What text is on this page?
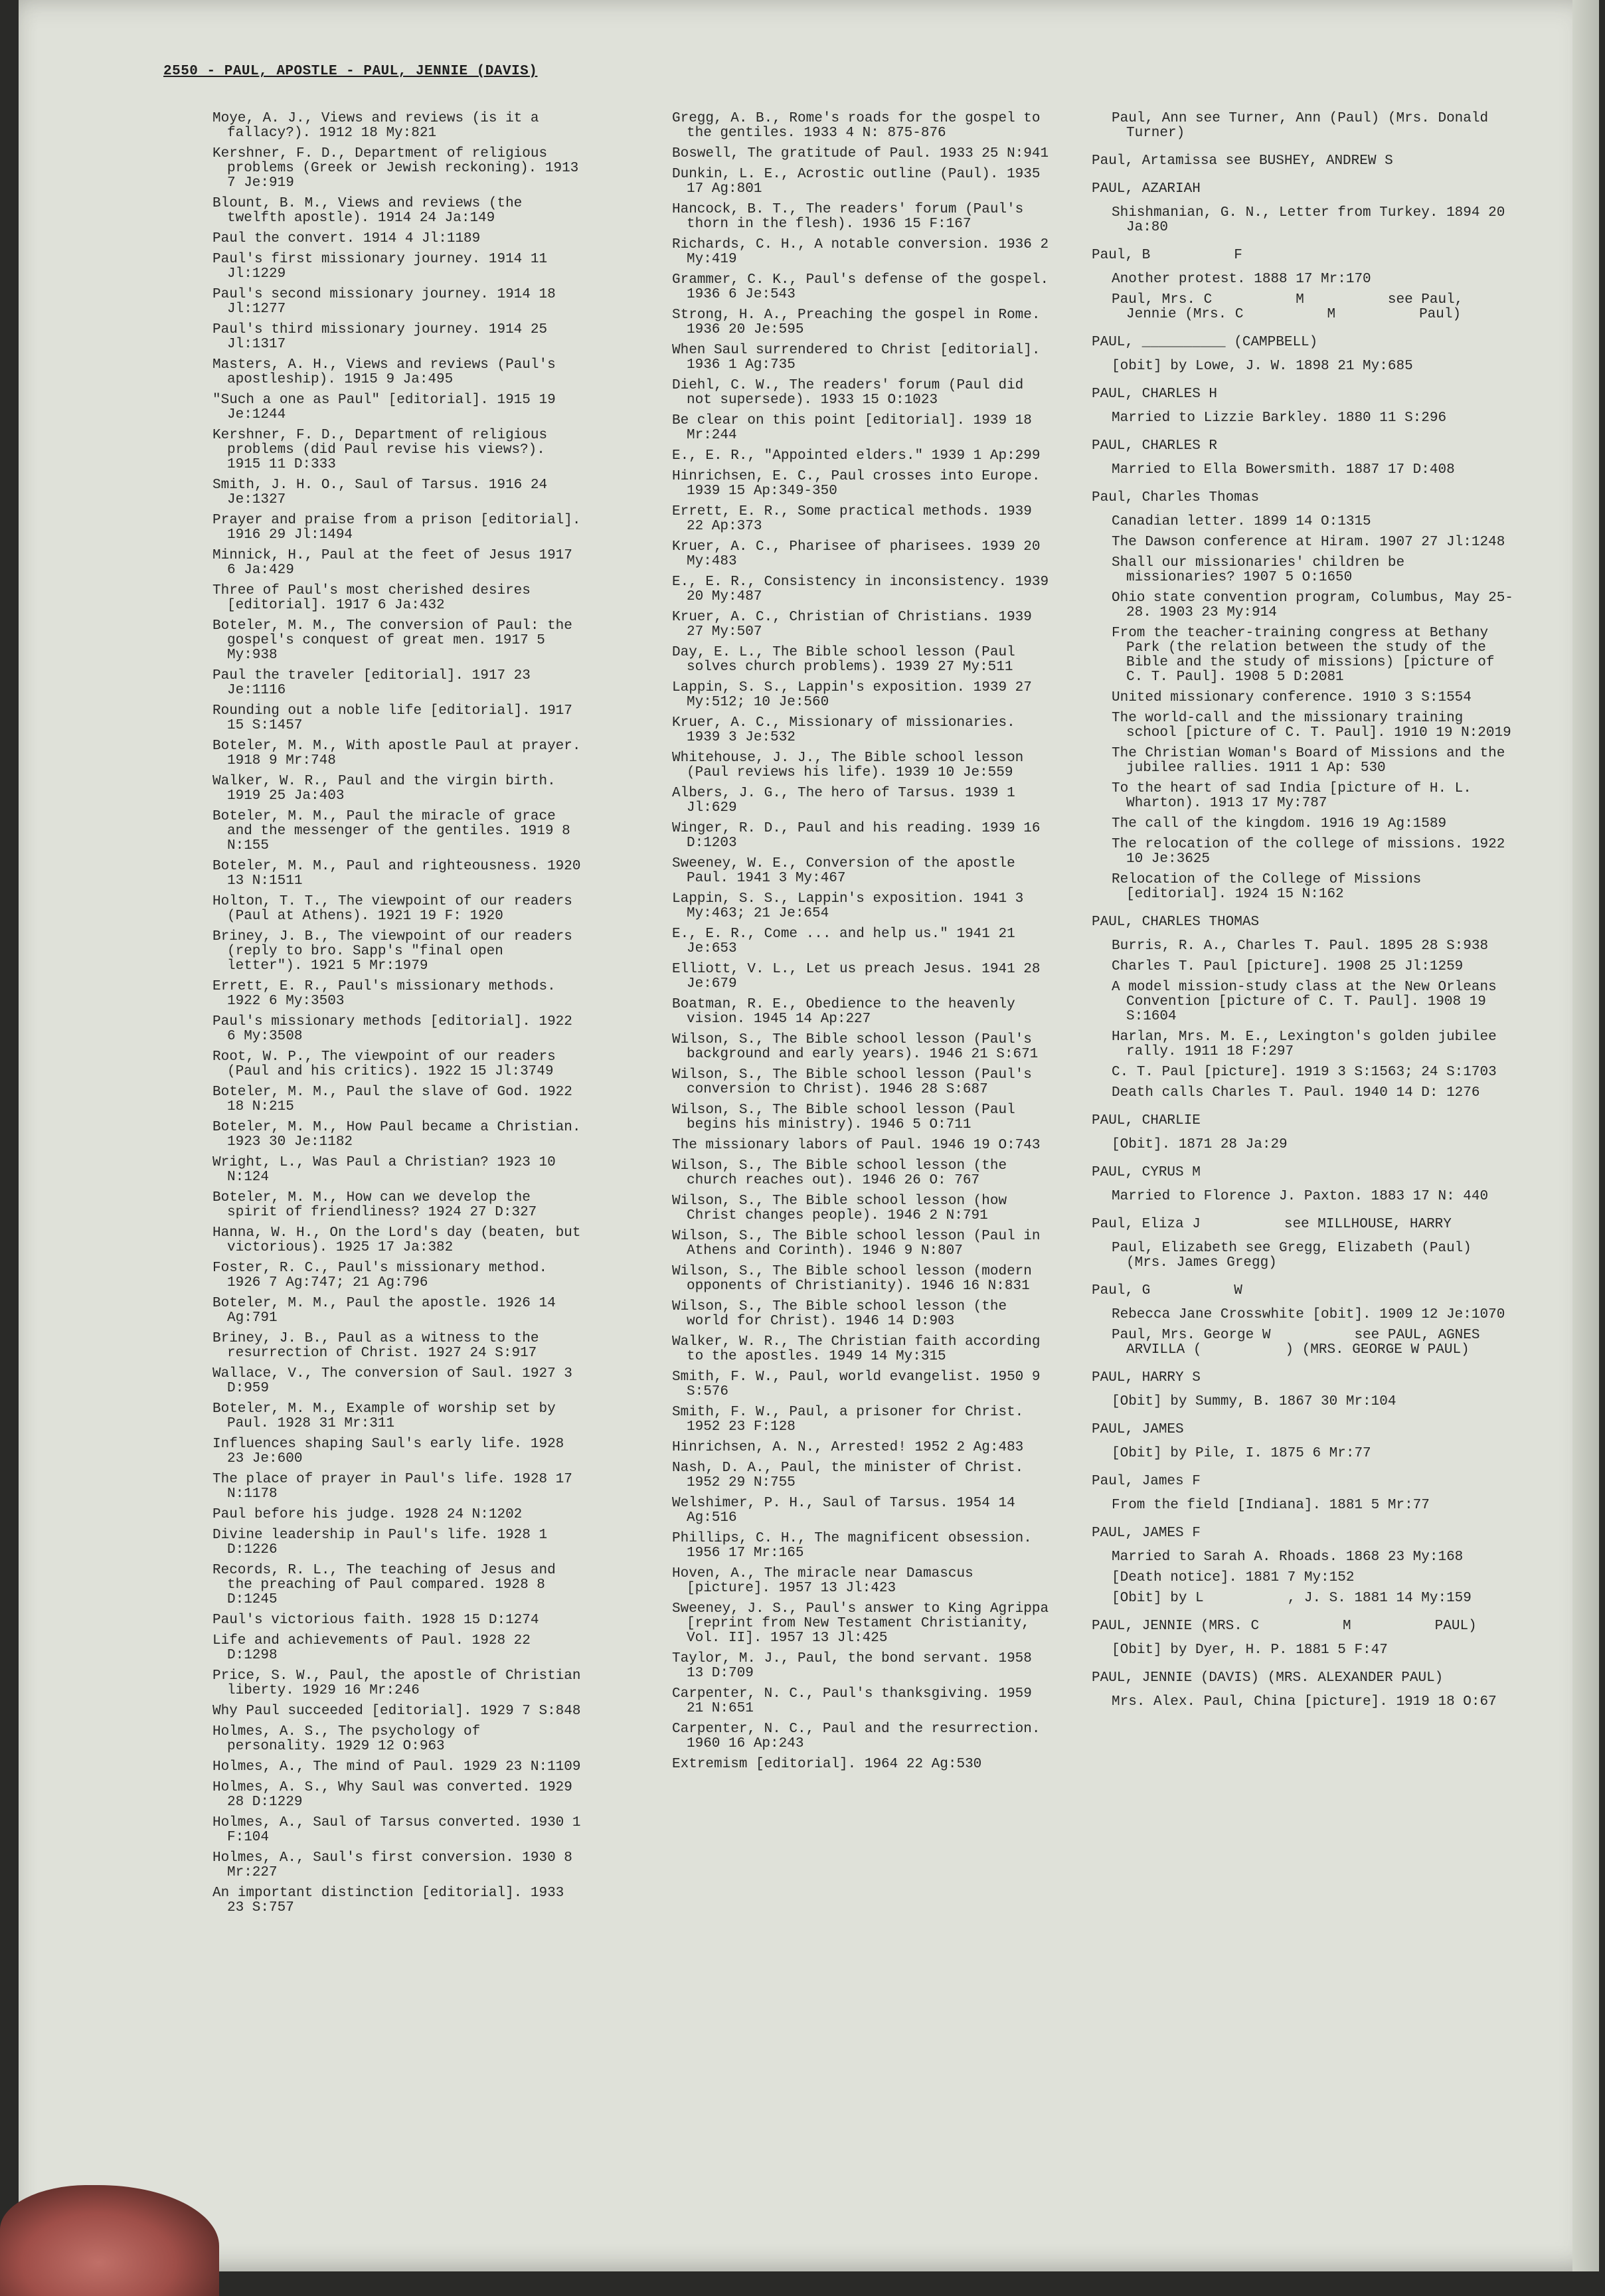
2550 - PAUL, APOSTLE - PAUL, JENNIE (DAVIS)
Moye, A. J., Views and reviews (is it a fallacy?). 1912 18 My:821
Kershner, F. D., Department of religious problems (Greek or Jewish reckoning). 1913 7 Je:919
Blount, B. M., Views and reviews (the twelfth apostle). 1914 24 Ja:149
Paul the convert. 1914 4 Jl:1189
Paul's first missionary journey. 1914 11 Jl:1229
Paul's second missionary journey. 1914 18 Jl:1277
Paul's third missionary journey. 1914 25 Jl:1317
Masters, A. H., Views and reviews (Paul's apostleship). 1915 9 Ja:495
"Such a one as Paul" [editorial]. 1915 19 Je:1244
Kershner, F. D., Department of religious problems (did Paul revise his views?). 1915 11 D:333
Smith, J. H. O., Saul of Tarsus. 1916 24 Je:1327
Prayer and praise from a prison [editorial]. 1916 29 Jl:1494
Minnick, H., Paul at the feet of Jesus 1917 6 Ja:429
Three of Paul's most cherished desires [editorial]. 1917 6 Ja:432
Boteler, M. M., The conversion of Paul: the gospel's conquest of great men. 1917 5 My:938
Paul the traveler [editorial]. 1917 23 Je:1116
Rounding out a noble life [editorial]. 1917 15 S:1457
Boteler, M. M., With apostle Paul at prayer. 1918 9 Mr:748
Walker, W. R., Paul and the virgin birth. 1919 25 Ja:403
Boteler, M. M., Paul the miracle of grace and the messenger of the gentiles. 1919 8 N:155
Boteler, M. M., Paul and righteousness. 1920 13 N:1511
Holton, T. T., The viewpoint of our readers (Paul at Athens). 1921 19 F: 1920
Briney, J. B., The viewpoint of our readers (reply to bro. Sapp's "final open letter"). 1921 5 Mr:1979
Errett, E. R., Paul's missionary methods. 1922 6 My:3503
Paul's missionary methods [editorial]. 1922 6 My:3508
Root, W. P., The viewpoint of our readers (Paul and his critics). 1922 15 Jl:3749
Boteler, M. M., Paul the slave of God. 1922 18 N:215
Boteler, M. M., How Paul became a Christian. 1923 30 Je:1182
Wright, L., Was Paul a Christian? 1923 10 N:124
Boteler, M. M., How can we develop the spirit of friendliness? 1924 27 D:327
Hanna, W. H., On the Lord's day (beaten, but victorious). 1925 17 Ja:382
Foster, R. C., Paul's missionary method. 1926 7 Ag:747; 21 Ag:796
Boteler, M. M., Paul the apostle. 1926 14 Ag:791
Briney, J. B., Paul as a witness to the resurrection of Christ. 1927 24 S:917
Wallace, V., The conversion of Saul. 1927 3 D:959
Boteler, M. M., Example of worship set by Paul. 1928 31 Mr:311
Influences shaping Saul's early life. 1928 23 Je:600
The place of prayer in Paul's life. 1928 17 N:1178
Paul before his judge. 1928 24 N:1202
Divine leadership in Paul's life. 1928 1 D:1226
Records, R. L., The teaching of Jesus and the preaching of Paul compared. 1928 8 D:1245
Paul's victorious faith. 1928 15 D:1274
Life and achievements of Paul. 1928 22 D:1298
Price, S. W., Paul, the apostle of Christian liberty. 1929 16 Mr:246
Why Paul succeeded [editorial]. 1929 7 S:848
Holmes, A. S., The psychology of personality. 1929 12 O:963
Holmes, A., The mind of Paul. 1929 23 N:1109
Holmes, A. S., Why Saul was converted. 1929 28 D:1229
Holmes, A., Saul of Tarsus converted. 1930 1 F:104
Holmes, A., Saul's first conversion. 1930 8 Mr:227
An important distinction [editorial]. 1933 23 S:757
Gregg, A. B., Rome's roads for the gospel to the gentiles. 1933 4 N: 875-876
Boswell, The gratitude of Paul. 1933 25 N:941
Dunkin, L. E., Acrostic outline (Paul). 1935 17 Ag:801
Hancock, B. T., The readers' forum (Paul's thorn in the flesh). 1936 15 F:167
Richards, C. H., A notable conversion. 1936 2 My:419
Grammer, C. K., Paul's defense of the gospel. 1936 6 Je:543
Strong, H. A., Preaching the gospel in Rome. 1936 20 Je:595
When Saul surrendered to Christ [editorial]. 1936 1 Ag:735
Diehl, C. W., The readers' forum (Paul did not supersede). 1933 15 O:1023
Be clear on this point [editorial]. 1939 18 Mr:244
E., E. R., "Appointed elders." 1939 1 Ap:299
Hinrichsen, E. C., Paul crosses into Europe. 1939 15 Ap:349-350
Errett, E. R., Some practical methods. 1939 22 Ap:373
Kruer, A. C., Pharisee of pharisees. 1939 20 My:483
E., E. R., Consistency in inconsistency. 1939 20 My:487
Kruer, A. C., Christian of Christians. 1939 27 My:507
Day, E. L., The Bible school lesson (Paul solves church problems). 1939 27 My:511
Lappin, S. S., Lappin's exposition. 1939 27 My:512; 10 Je:560
Kruer, A. C., Missionary of missionaries. 1939 3 Je:532
Whitehouse, J. J., The Bible school lesson (Paul reviews his life). 1939 10 Je:559
Albers, J. G., The hero of Tarsus. 1939 1 Jl:629
Winger, R. D., Paul and his reading. 1939 16 D:1203
Sweeney, W. E., Conversion of the apostle Paul. 1941 3 My:467
Lappin, S. S., Lappin's exposition. 1941 3 My:463; 21 Je:654
E., E. R., Come ... and help us." 1941 21 Je:653
Elliott, V. L., Let us preach Jesus. 1941 28 Je:679
Boatman, R. E., Obedience to the heavenly vision. 1945 14 Ap:227
Wilson, S., The Bible school lesson (Paul's background and early years). 1946 21 S:671
Wilson, S., The Bible school lesson (Paul's conversion to Christ). 1946 28 S:687
Wilson, S., The Bible school lesson (Paul begins his ministry). 1946 5 O:711
The missionary labors of Paul. 1946 19 O:743
Wilson, S., The Bible school lesson (the church reaches out). 1946 26 O: 767
Wilson, S., The Bible school lesson (how Christ changes people). 1946 2 N:791
Wilson, S., The Bible school lesson (Paul in Athens and Corinth). 1946 9 N:807
Wilson, S., The Bible school lesson (modern opponents of Christianity). 1946 16 N:831
Wilson, S., The Bible school lesson (the world for Christ). 1946 14 D:903
Walker, W. R., The Christian faith according to the apostles. 1949 14 My:315
Smith, F. W., Paul, world evangelist. 1950 9 S:576
Smith, F. W., Paul, a prisoner for Christ. 1952 23 F:128
Hinrichsen, A. N., Arrested! 1952 2 Ag:483
Nash, D. A., Paul, the minister of Christ. 1952 29 N:755
Welshimer, P. H., Saul of Tarsus. 1954 14 Ag:516
Phillips, C. H., The magnificent obsession. 1956 17 Mr:165
Hoven, A., The miracle near Damascus [picture]. 1957 13 Jl:423
Sweeney, J. S., Paul's answer to King Agrippa [reprint from New Testament Christianity, Vol. II]. 1957 13 Jl:425
Taylor, M. J., Paul, the bond servant. 1958 13 D:709
Carpenter, N. C., Paul's thanksgiving. 1959 21 N:651
Carpenter, N. C., Paul and the resurrection. 1960 16 Ap:243
Extremism [editorial]. 1964 22 Ag:530
Paul, Ann see Turner, Ann (Paul) (Mrs. Donald Turner)
Paul, Artamissa see BUSHEY, ANDREW S
PAUL, AZARIAH
Shishmanian, G. N., Letter from Turkey. 1894 20 Ja:80
Paul, B          F
Another protest. 1888 17 Mr:170
Paul, Mrs. C          M          see Paul, Jennie (Mrs. C          M          Paul)
PAUL, __________ (CAMPBELL)
[obit] by Lowe, J. W. 1898 21 My:685
PAUL, CHARLES H
Married to Lizzie Barkley. 1880 11 S:296
PAUL, CHARLES R
Married to Ella Bowersmith. 1887 17 D:408
Paul, Charles Thomas
Canadian letter. 1899 14 O:1315
The Dawson conference at Hiram. 1907 27 Jl:1248
Shall our missionaries' children be missionaries? 1907 5 O:1650
Ohio state convention program, Columbus, May 25-28. 1903 23 My:914
From the teacher-training congress at Bethany Park (the relation between the study of the Bible and the study of missions) [picture of C. T. Paul]. 1908 5 D:2081
United missionary conference. 1910 3 S:1554
The world-call and the missionary training school [picture of C. T. Paul]. 1910 19 N:2019
The Christian Woman's Board of Missions and the jubilee rallies. 1911 1 Ap: 530
To the heart of sad India [picture of H. L. Wharton). 1913 17 My:787
The call of the kingdom. 1916 19 Ag:1589
The relocation of the college of missions. 1922 10 Je:3625
Relocation of the College of Missions [editorial]. 1924 15 N:162
PAUL, CHARLES THOMAS
Burris, R. A., Charles T. Paul. 1895 28 S:938
Charles T. Paul [picture]. 1908 25 Jl:1259
A model mission-study class at the New Orleans Convention [picture of C. T. Paul]. 1908 19 S:1604
Harlan, Mrs. M. E., Lexington's golden jubilee rally. 1911 18 F:297
C. T. Paul [picture]. 1919 3 S:1563; 24 S:1703
Death calls Charles T. Paul. 1940 14 D: 1276
PAUL, CHARLIE
[Obit]. 1871 28 Ja:29
PAUL, CYRUS M
Married to Florence J. Paxton. 1883 17 N: 440
Paul, Eliza J          see MILLHOUSE, HARRY
Paul, Elizabeth see Gregg, Elizabeth (Paul) (Mrs. James Gregg)
Paul, G          W
Rebecca Jane Crosswhite [obit]. 1909 12 Je:1070
Paul, Mrs. George W          see PAUL, AGNES ARVILLA (          ) (MRS. GEORGE W PAUL)
PAUL, HARRY S
[Obit] by Summy, B. 1867 30 Mr:104
PAUL, JAMES
[Obit] by Pile, I. 1875 6 Mr:77
Paul, James F
From the field [Indiana]. 1881 5 Mr:77
PAUL, JAMES F
Married to Sarah A. Rhoads. 1868 23 My:168
[Death notice]. 1881 7 My:152
[Obit] by L          , J. S. 1881 14 My:159
PAUL, JENNIE (MRS. C          M          PAUL)
[Obit] by Dyer, H. P. 1881 5 F:47
PAUL, JENNIE (DAVIS) (MRS. ALEXANDER PAUL)
Mrs. Alex. Paul, China [picture]. 1919 18 O:67
